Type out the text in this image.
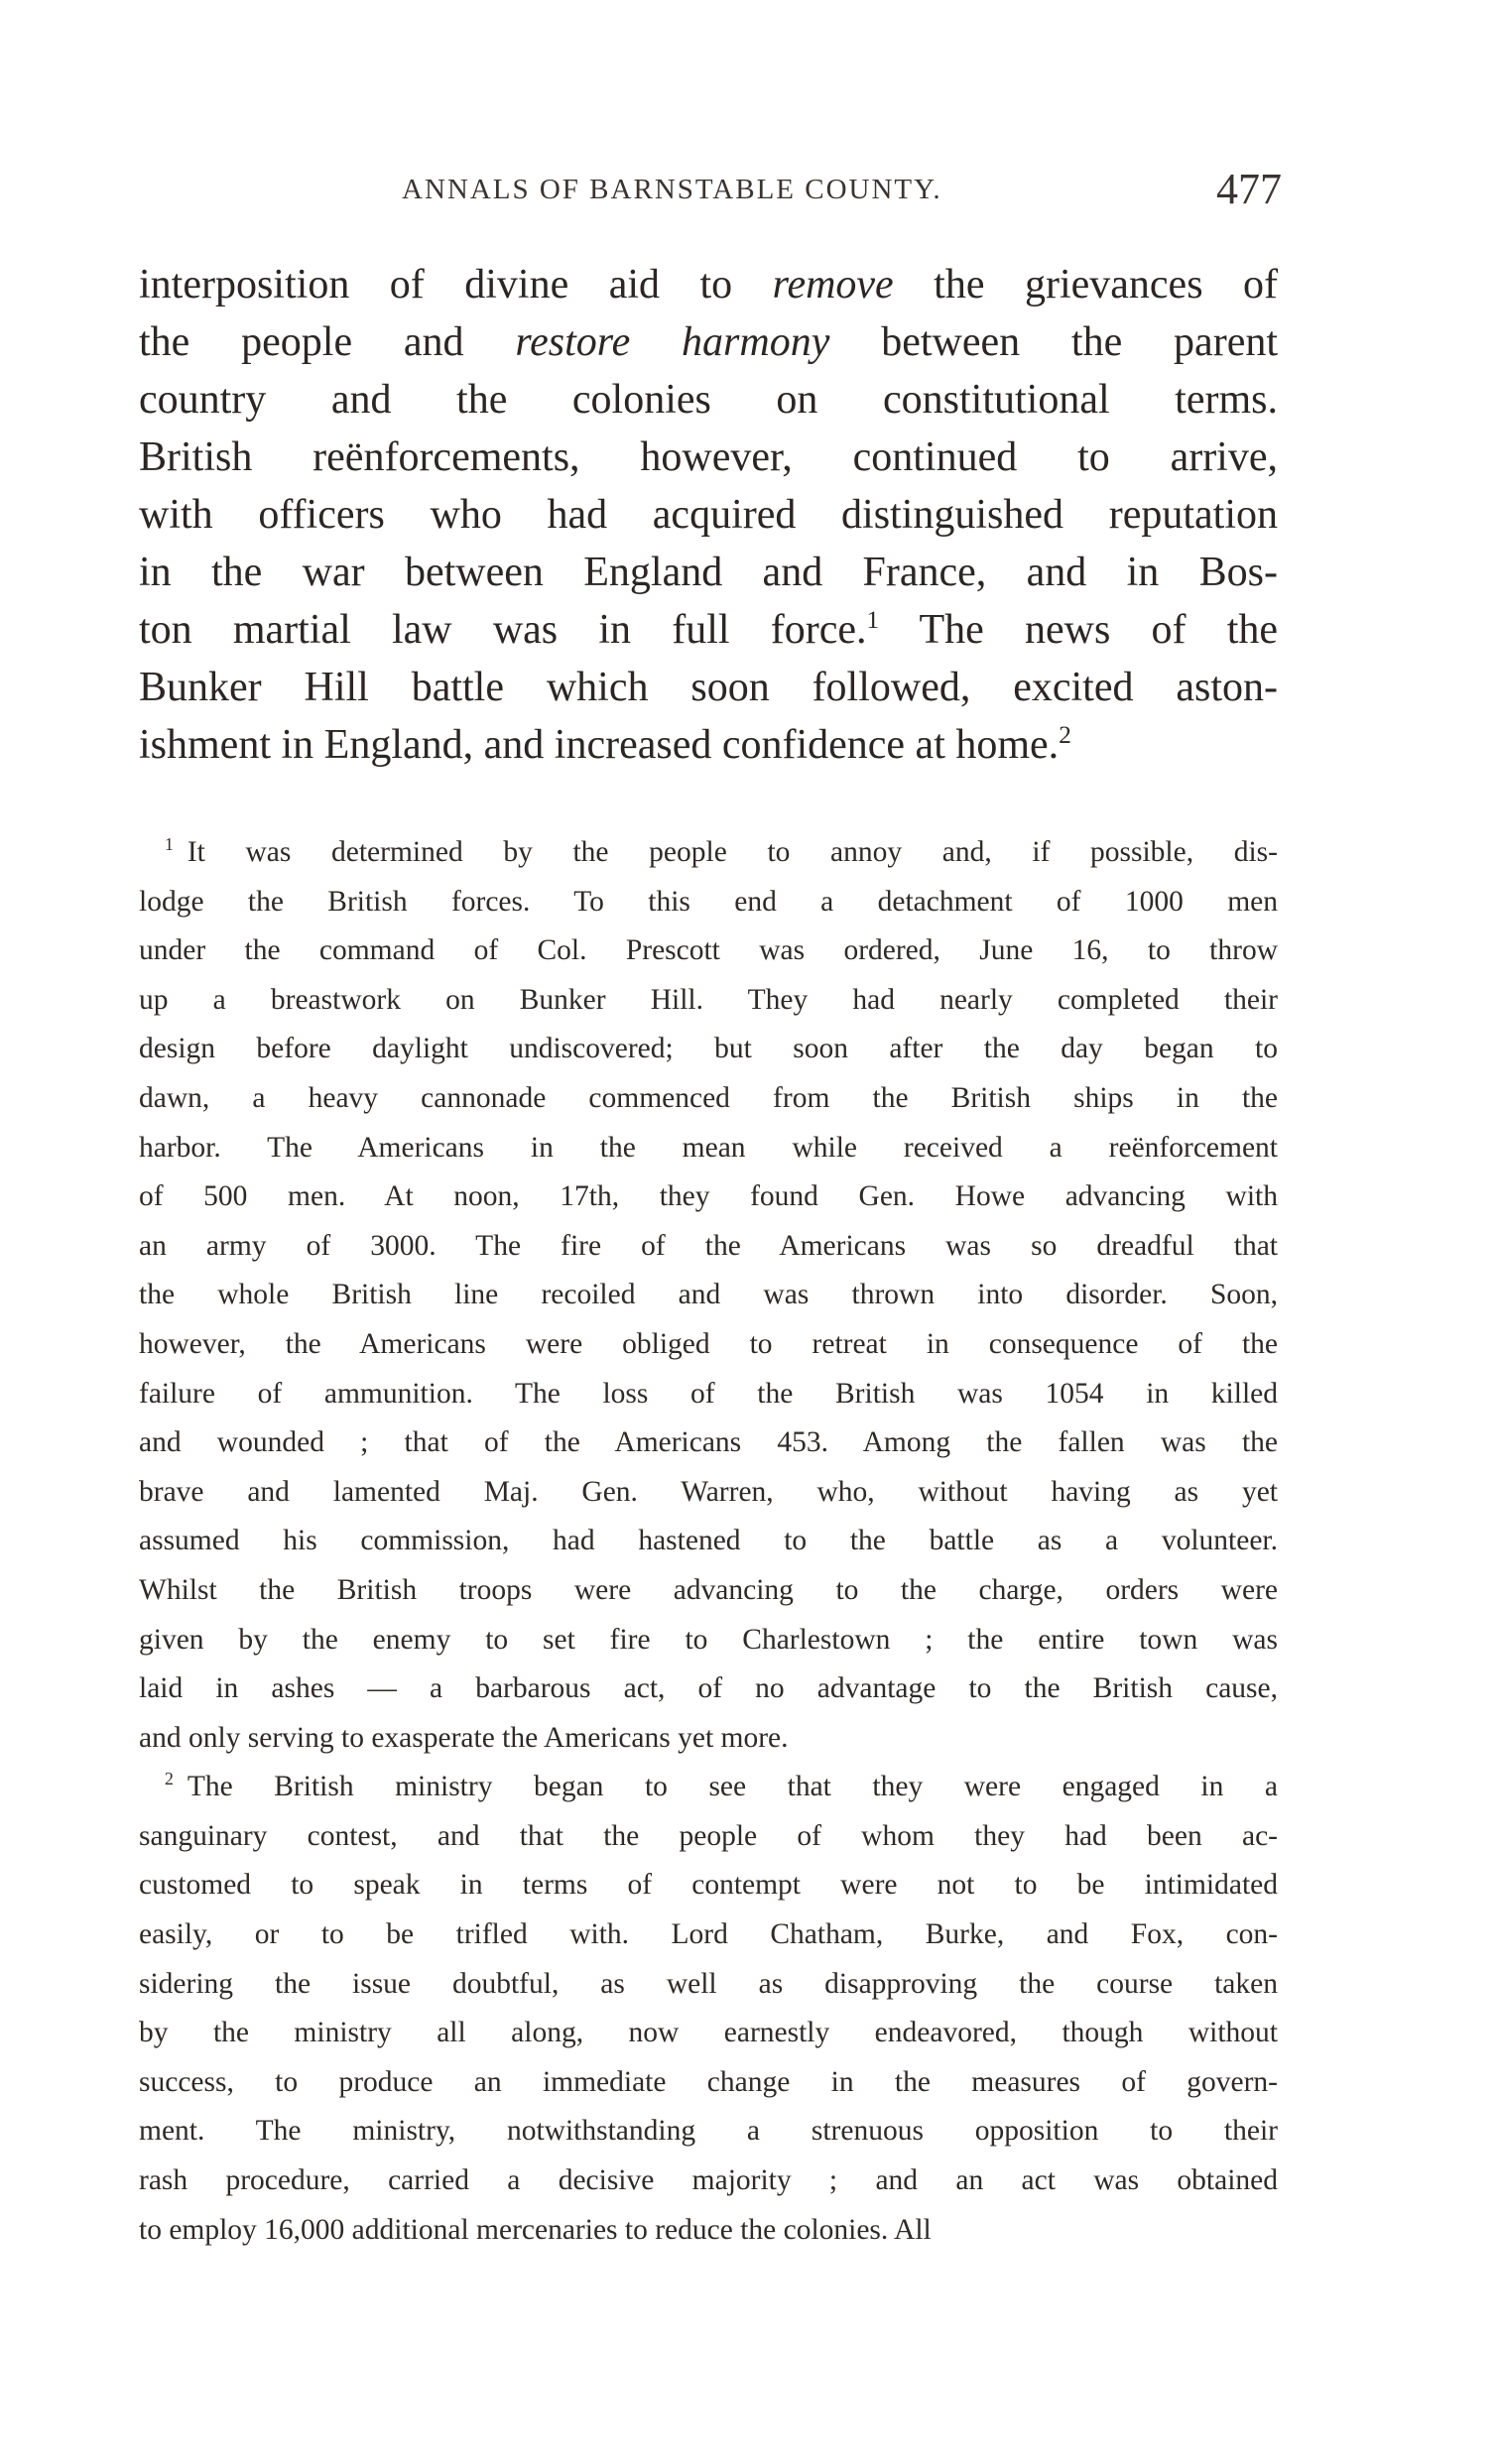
ANNALS OF BARNSTABLE COUNTY.	477
interposition of divine aid to remove the grievances of
the people and restore harmony between the parent
country and the colonies on constitutional terms.
British reënforcements, however, continued to arrive,
with officers who had acquired distinguished reputation
in the war between England and France, and in Bos-
ton martial law was in full force.$^1$ The news of the
Bunker Hill battle which soon followed, excited aston-
ishment in England, and increased confidence at home.$^2$
$^1$ It was determined by the people to annoy and, if possible, dis-
lodge the British forces. To this end a detachment of 1000 men
under the command of Col. Prescott was ordered, June 16, to throw
up a breastwork on Bunker Hill. They had nearly completed their
design before daylight undiscovered; but soon after the day began to
dawn, a heavy cannonade commenced from the British ships in the
harbor. The Americans in the mean while received a reënforcement
of 500 men. At noon, 17th, they found Gen. Howe advancing with
an army of 3000. The fire of the Americans was so dreadful that
the whole British line recoiled and was thrown into disorder. Soon,
however, the Americans were obliged to retreat in consequence of the
failure of ammunition. The loss of the British was 1054 in killed
and wounded ; that of the Americans 453. Among the fallen was the
brave and lamented Maj. Gen. Warren, who, without having as yet
assumed his commission, had hastened to the battle as a volunteer.
Whilst the British troops were advancing to the charge, orders were
given by the enemy to set fire to Charlestown ; the entire town was
laid in ashes — a barbarous act, of no advantage to the British cause,
and only serving to exasperate the Americans yet more.
$^2$ The British ministry began to see that they were engaged in a
sanguinary contest, and that the people of whom they had been ac-
customed to speak in terms of contempt were not to be intimidated
easily, or to be trifled with. Lord Chatham, Burke, and Fox, con-
sidering the issue doubtful, as well as disapproving the course taken
by the ministry all along, now earnestly endeavored, though without
success, to produce an immediate change in the measures of govern-
ment. The ministry, notwithstanding a strenuous opposition to their
rash procedure, carried a decisive majority ; and an act was obtained
to employ 16,000 additional mercenaries to reduce the colonies. All
